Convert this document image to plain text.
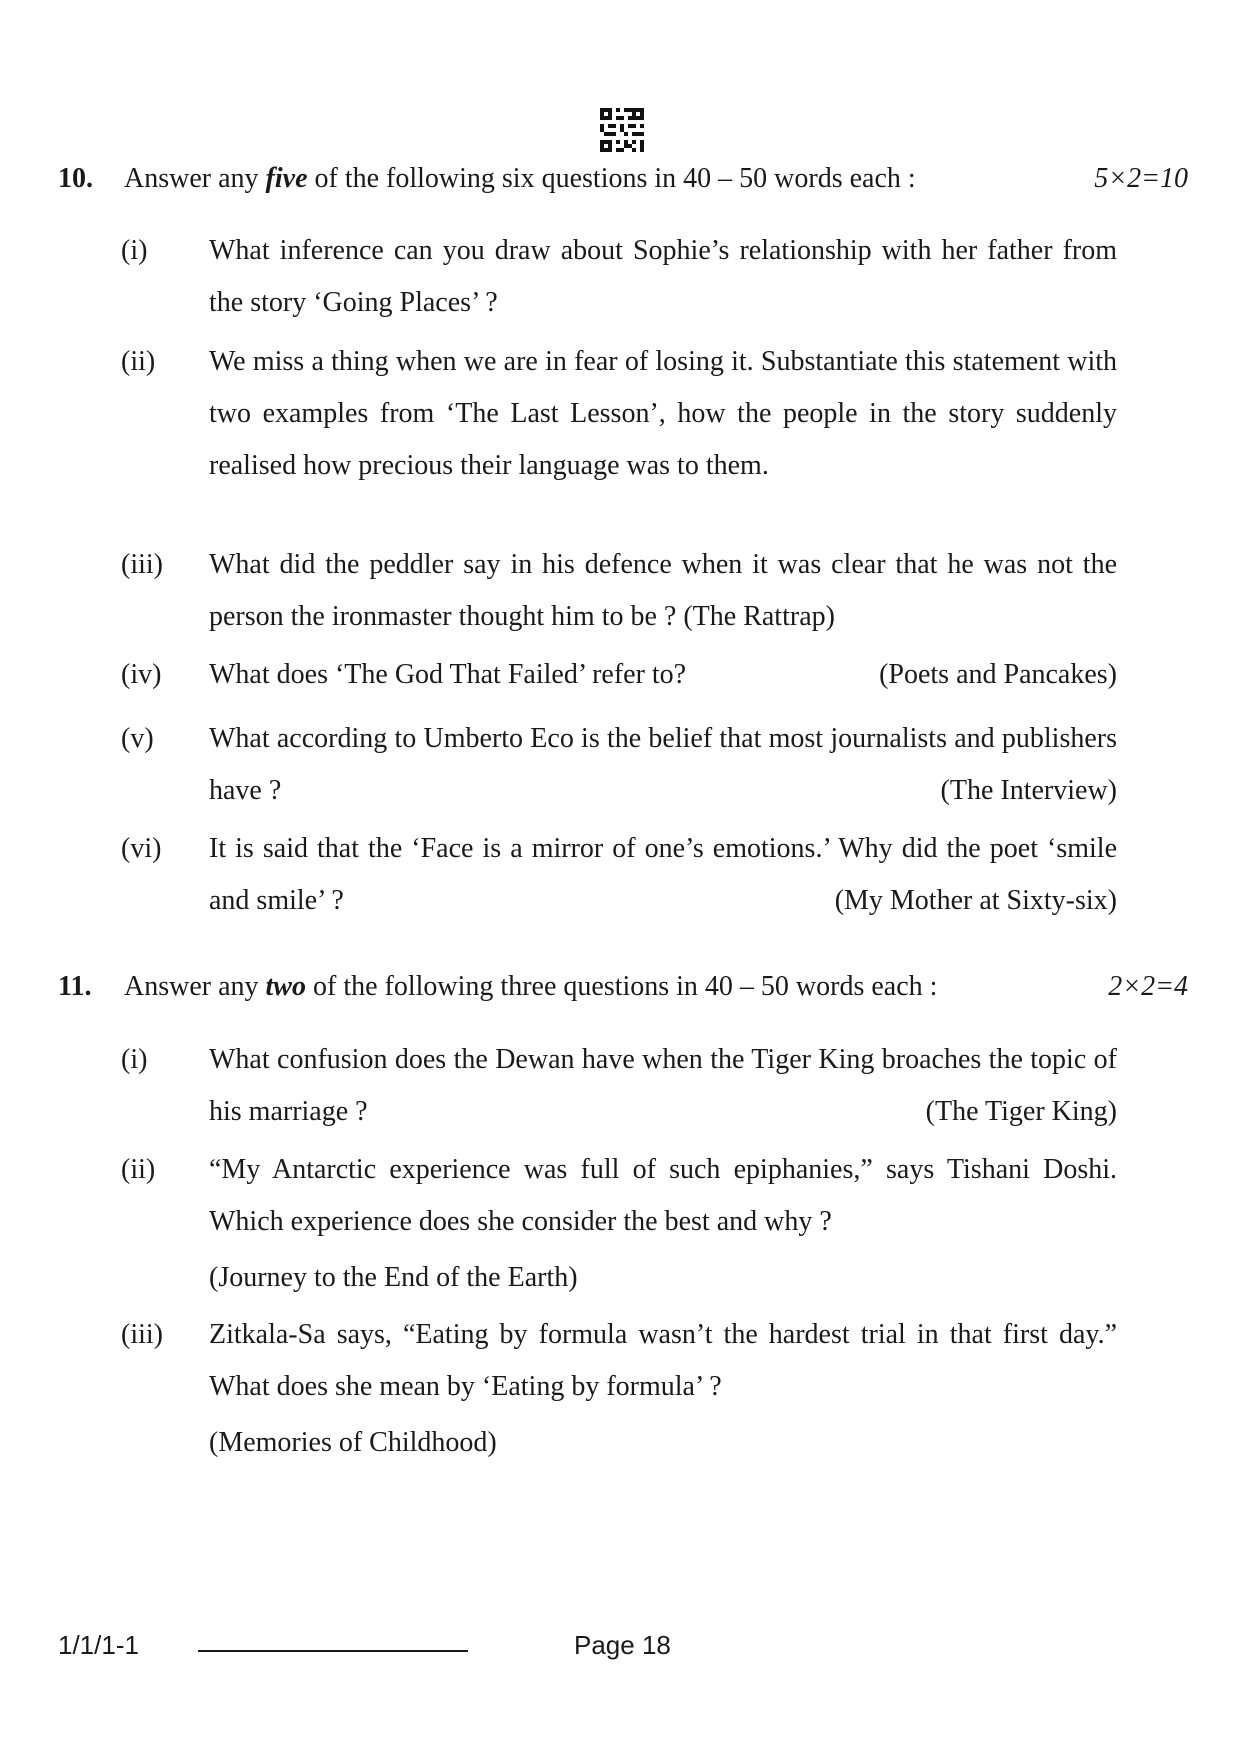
10. Answer any five of the following six questions in 40 – 50 words each :	5×2=10
(i) What inference can you draw about Sophie’s relationship with her father from the story ‘Going Places’ ?
(ii) We miss a thing when we are in fear of losing it. Substantiate this statement with two examples from ‘The Last Lesson’, how the people in the story suddenly realised how precious their language was to them.
(iii) What did the peddler say in his defence when it was clear that he was not the person the ironmaster thought him to be ? (The Rattrap)
(iv) What does ‘The God That Failed’ refer to?	(Poets and Pancakes)
(v) What according to Umberto Eco is the belief that most journalists and publishers have ?	(The Interview)
(vi) It is said that the ‘Face is a mirror of one’s emotions.’ Why did the poet ‘smile and smile’ ?	(My Mother at Sixty-six)
11. Answer any two of the following three questions in 40 – 50 words each :	2×2=4
(i) What confusion does the Dewan have when the Tiger King broaches the topic of his marriage ?	(The Tiger King)
(ii) “My Antarctic experience was full of such epiphanies,” says Tishani Doshi. Which experience does she consider the best and why ?
(Journey to the End of the Earth)
(iii) Zitkala-Sa says, “Eating by formula wasn’t the hardest trial in that first day.” What does she mean by ‘Eating by formula’ ?
(Memories of Childhood)
1/1/1-1	Page 18
